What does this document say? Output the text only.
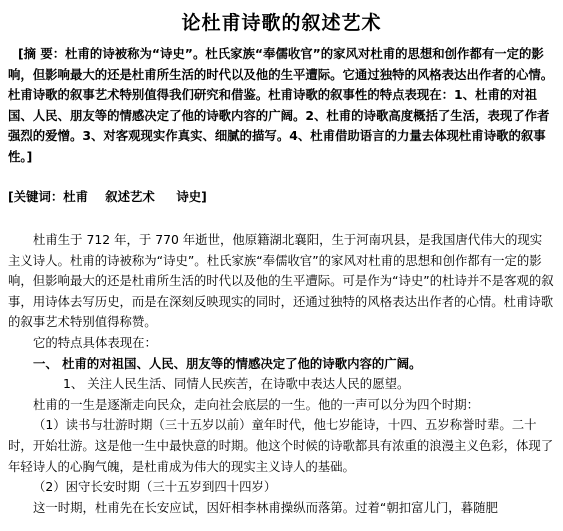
论杜甫诗歌的叙述艺术
[摘 要：杜甫的诗被称为“诗史”。杜氏家族“奉儒收官”的家风对杜甫的思想和创作都有一定的影响，但影响最大的还是杜甫所生活的时代以及他的生平遭际。它通过独特的风格表达出作者的心情。杜甫诗歌的叙事艺术特别值得我们研究和借鉴。杜甫诗歌的叙事性的特点表现在：1、杜甫的对祖国、人民、朋友等的情感决定了他的诗歌内容的广阔。2、杜甫的诗歌高度概括了生活，表现了作者强烈的爱憎。3、对客观现实作真实、细腻的描写。4、杜甫借助语言的力量去体现杜甫诗歌的叙事性。]
[关键词：杜甫    叙述艺术     诗史]

杜甫生于 712 年，于 770 年逝世，他原籍湖北襄阳，生于河南巩县，是我国唐代伟大的现实主义诗人。杜甫的诗被称为“诗史”。杜氏家族“奉儒收官”的家风对杜甫的思想和创作都有一定的影响，但影响最大的还是杜甫所生活的时代以及他的生平遭际。可是作为“诗史”的杜诗并不是客观的叙事，用诗体去写历史，而是在深刻反映现实的同时，还通过独特的风格表达出作者的心情。杜甫诗歌的叙事艺术特别值得称赞。

它的特点具体表现在：
一、 杜甫的对祖国、人民、朋友等的情感决定了他的诗歌内容的广阔。
1、 关注人民生活、同情人民疾苦，在诗歌中表达人民的愿望。
杜甫的一生是逐渐走向民众，走向社会底层的一生。他的一声可以分为四个时期：

（1）读书与壮游时期（三十五岁以前）童年时代，他七岁能诗，十四、五岁称誉时辈。二十时，开始壮游。这是他一生中最快意的时期。他这个时候的诗歌都具有浓重的浪漫主义色彩，体现了年轻诗人的心胸气魄，是杜甫成为伟大的现实主义诗人的基础。

（2）困守长安时期（三十五岁到四十四岁）
这一时期，杜甫先在长安应试，因奸相李林甫操纵而落第。过着“朝扣富儿门，暮随肥
